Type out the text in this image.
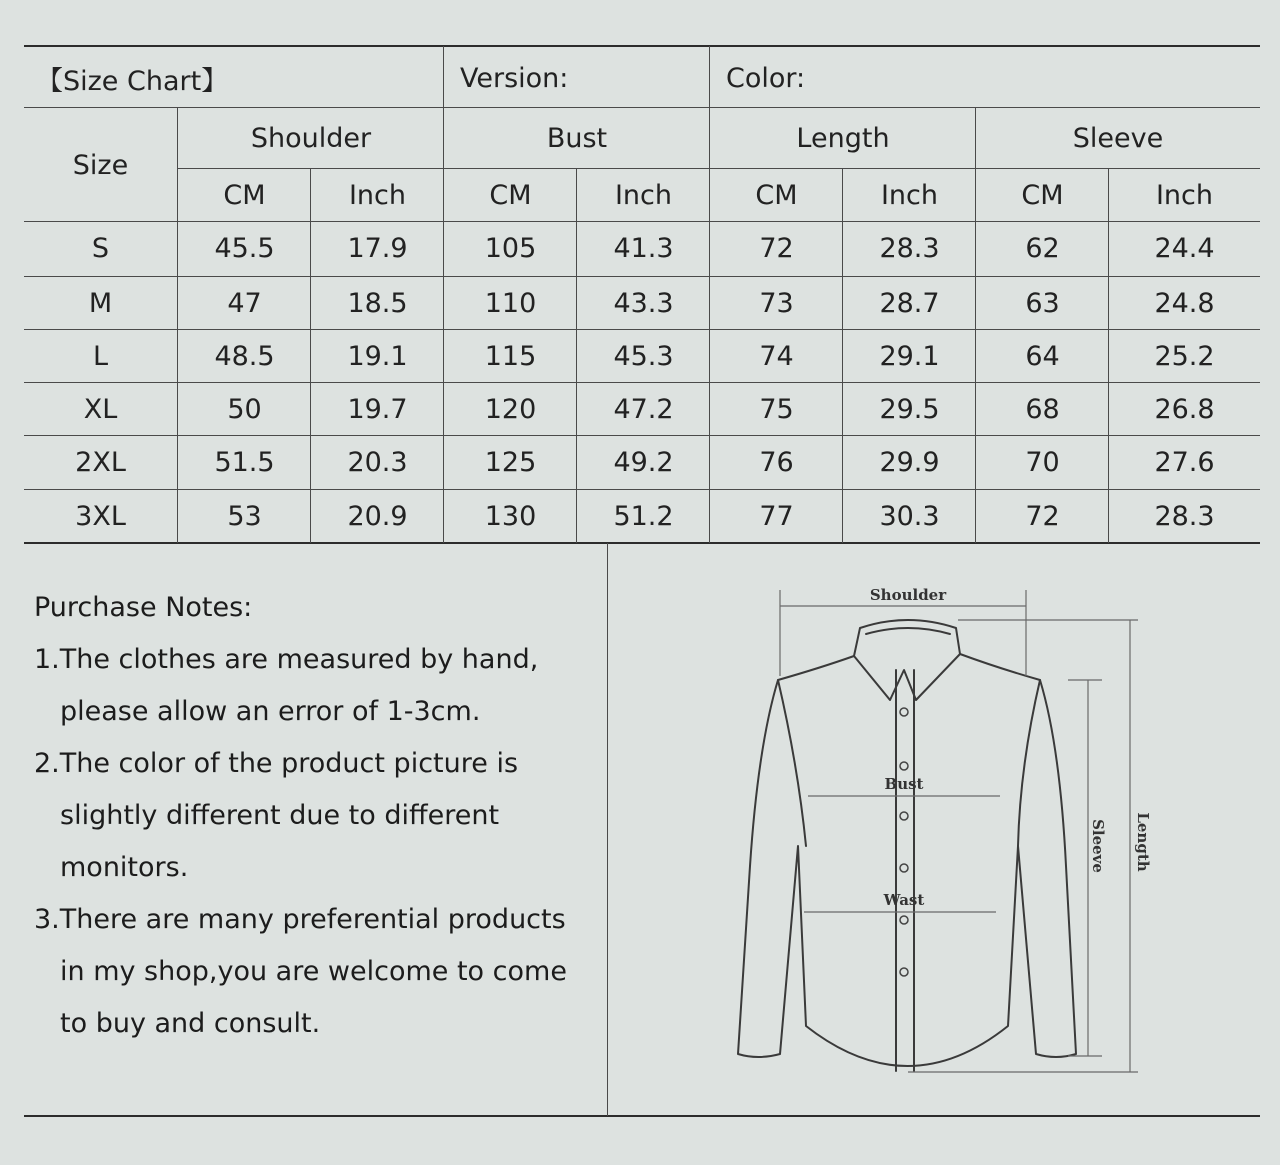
【Size Chart】	Version:	Color:
Size
Shoulder	Bust	Length	Sleeve
CM	Inch	CM	Inch	CM	Inch	CM	Inch
S	45.5	17.9	105	41.3	72	28.3	62	24.4
M	47	18.5	110	43.3	73	28.7	63	24.8
L	48.5	19.1	115	45.3	74	29.1	64	25.2
XL	50	19.7	120	47.2	75	29.5	68	26.8
2XL	51.5	20.3	125	49.2	76	29.9	70	27.6
3XL	53	20.9	130	51.2	77	30.3	72	28.3
Purchase Notes:
1.The clothes are measured by hand,
please allow an error of 1-3cm.
2.The color of the product picture is
slightly different due to different
monitors.
3.There are many preferential products
in my shop,you are welcome to come
to buy and consult.
Shoulder
Bust
Wast
Sleeve Length
